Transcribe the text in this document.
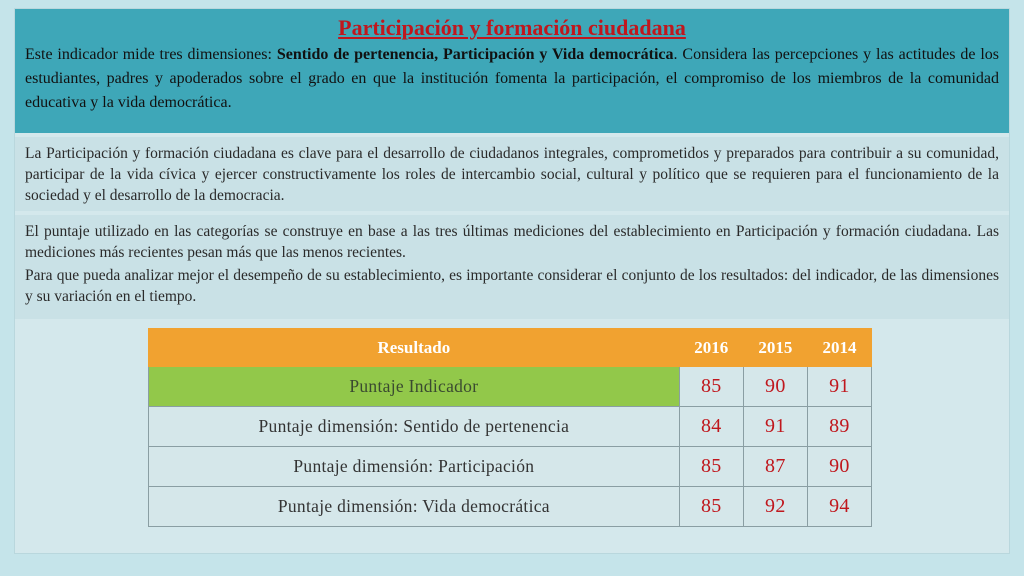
Participación y formación ciudadana
Este indicador mide tres dimensiones: Sentido de pertenencia, Participación y Vida democrática. Considera las percepciones y las actitudes de los estudiantes, padres y apoderados sobre el grado en que la institución fomenta la participación, el compromiso de los miembros de la comunidad educativa y la vida democrática.

La Participación y formación ciudadana es clave para el desarrollo de ciudadanos integrales, comprometidos y preparados para contribuir a su comunidad, participar de la vida cívica y ejercer constructivamente los roles de intercambio social, cultural y político que se requieren para el funcionamiento de la sociedad y el desarrollo de la democracia.

El puntaje utilizado en las categorías se construye en base a las tres últimas mediciones del establecimiento en Participación y formación ciudadana. Las mediciones más recientes pesan más que las menos recientes.

Para que pueda analizar mejor el desempeño de su establecimiento, es importante considerar el conjunto de los resultados: del indicador, de las dimensiones y su variación en el tiempo.

Resultado	2016	2015	2014
Puntaje Indicador	85	90	91
Puntaje dimensión: Sentido de pertenencia	84	91	89
Puntaje dimensión: Participación	85	87	90
Puntaje dimensión: Vida democrática	85	92	94
